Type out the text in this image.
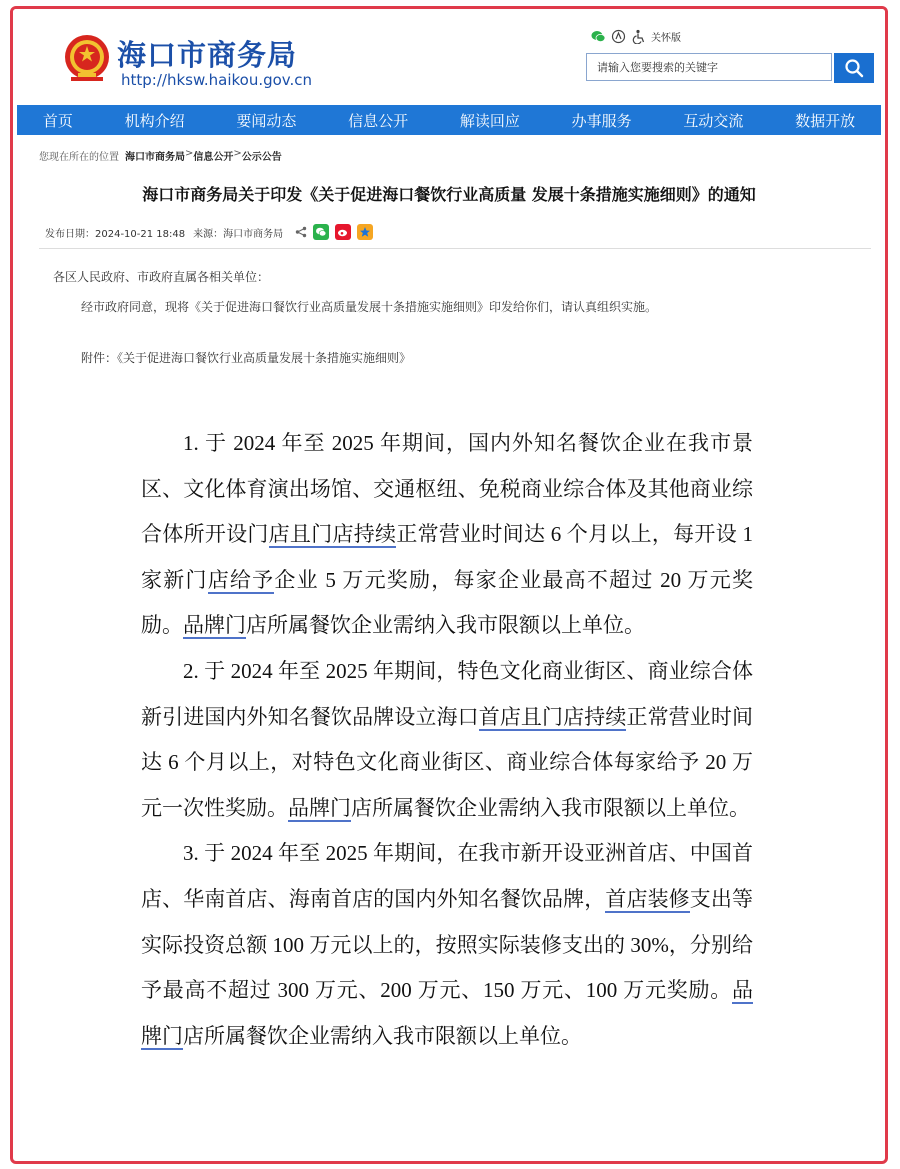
海口市商务局
http://hksw.haikou.gov.cn
关怀版
请输入您要搜索的关键字
首页	机构介绍	要闻动态	信息公开	解读回应	办事服务	互动交流	数据开放
您现在所在的位置 海口市商务局 > 信息公开 > 公示公告
海口市商务局关于印发《关于促进海口餐饮行业高质量 发展十条措施实施细则》的通知
发布日期：2024-10-21 18:48 来源：海口市商务局
各区人民政府、市政府直属各相关单位：
经市政府同意，现将《关于促进海口餐饮行业高质量发展十条措施实施细则》印发给你们，请认真组织实施。
附件：《关于促进海口餐饮行业高质量发展十条措施实施细则》

1. 于 2024 年至 2025 年期间，国内外知名餐饮企业在我市景区、文化体育演出场馆、交通枢纽、免税商业综合体及其他商业综合体所开设门店且门店持续正常营业时间达 6 个月以上，每开设 1 家新门店给予企业 5 万元奖励，每家企业最高不超过 20 万元奖励。品牌门店所属餐饮企业需纳入我市限额以上单位。

2. 于 2024 年至 2025 年期间，特色文化商业街区、商业综合体新引进国内外知名餐饮品牌设立海口首店且门店持续正常营业时间达 6 个月以上，对特色文化商业街区、商业综合体每家给予 20 万元一次性奖励。品牌门店所属餐饮企业需纳入我市限额以上单位。

3. 于 2024 年至 2025 年期间，在我市新开设亚洲首店、中国首店、华南首店、海南首店的国内外知名餐饮品牌，首店装修支出等实际投资总额 100 万元以上的，按照实际装修支出的 30%，分别给予最高不超过 300 万元、200 万元、150 万元、100 万元奖励。品牌门店所属餐饮企业需纳入我市限额以上单位。
